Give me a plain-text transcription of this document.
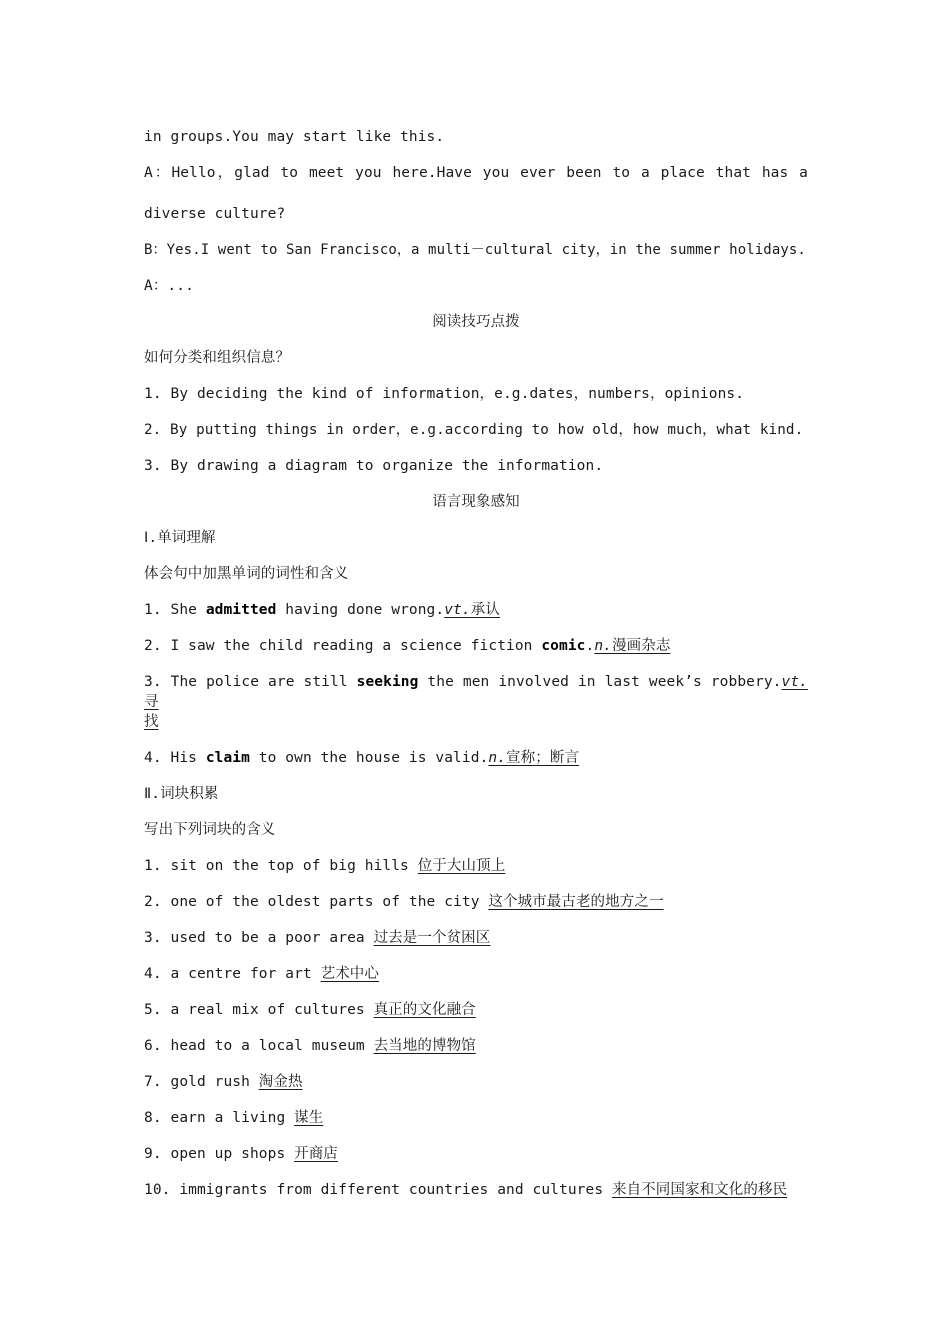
in groups.You may start like this.
A：Hello，glad to meet you here.Have you ever been to a place that has a
diverse culture?
B：Yes.I went to San Francisco，a multi－cultural city，in the summer holidays.
A：...
阅读技巧点拨
如何分类和组织信息？
1. By deciding the kind of information，e.g.dates，numbers，opinions.
2. By putting things in order，e.g.according to how old，how much，what kind.
3. By drawing a diagram to organize the information.
语言现象感知
Ⅰ.单词理解
体会句中加黑单词的词性和含义
1. She admitted having done wrong.vt.承认
2. I saw the child reading a science fiction comic.n.漫画杂志
3. The police are still seeking the men involved in last week’s robbery.vt.寻
找
4. His claim to own the house is valid.n.宣称；断言
Ⅱ.词块积累
写出下列词块的含义
1. sit on the top of big hills 位于大山顶上
2. one of the oldest parts of the city 这个城市最古老的地方之一
3. used to be a poor area 过去是一个贫困区
4. a centre for art 艺术中心
5. a real mix of cultures 真正的文化融合
6. head to a local museum 去当地的博物馆
7. gold rush 淘金热
8. earn a living 谋生
9. open up shops 开商店
10. immigrants from different countries and cultures 来自不同国家和文化的移民
